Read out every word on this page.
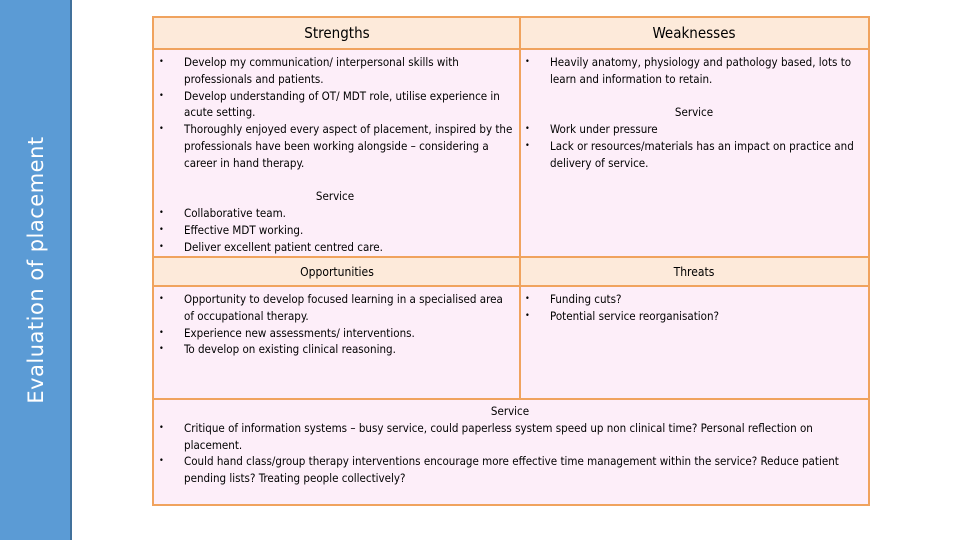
Evaluation of placement
Strengths	Weaknesses
Opportunities	Threats
• Develop my communication/ interpersonal skills with professionals and patients.
• Develop understanding of OT/ MDT role, utilise experience in acute setting.
• Thoroughly enjoyed every aspect of placement, inspired by the professionals have been working alongside – considering a career in hand therapy.
Service
• Collaborative team.
• Effective MDT working.
• Deliver excellent patient centred care.
• Heavily anatomy, physiology and pathology based, lots to learn and information to retain.
Service
• Work under pressure
• Lack or resources/materials has an impact on practice and delivery of service.
• Opportunity to develop focused learning in a specialised area of occupational therapy.
• Experience new assessments/ interventions.
• To develop on existing clinical reasoning.
• Funding cuts?
• Potential service reorganisation?
Service
• Critique of information systems – busy service, could paperless system speed up non clinical time? Personal reflection on placement.
• Could hand class/group therapy interventions encourage more effective time management within the service? Reduce patient pending lists? Treating people collectively?
